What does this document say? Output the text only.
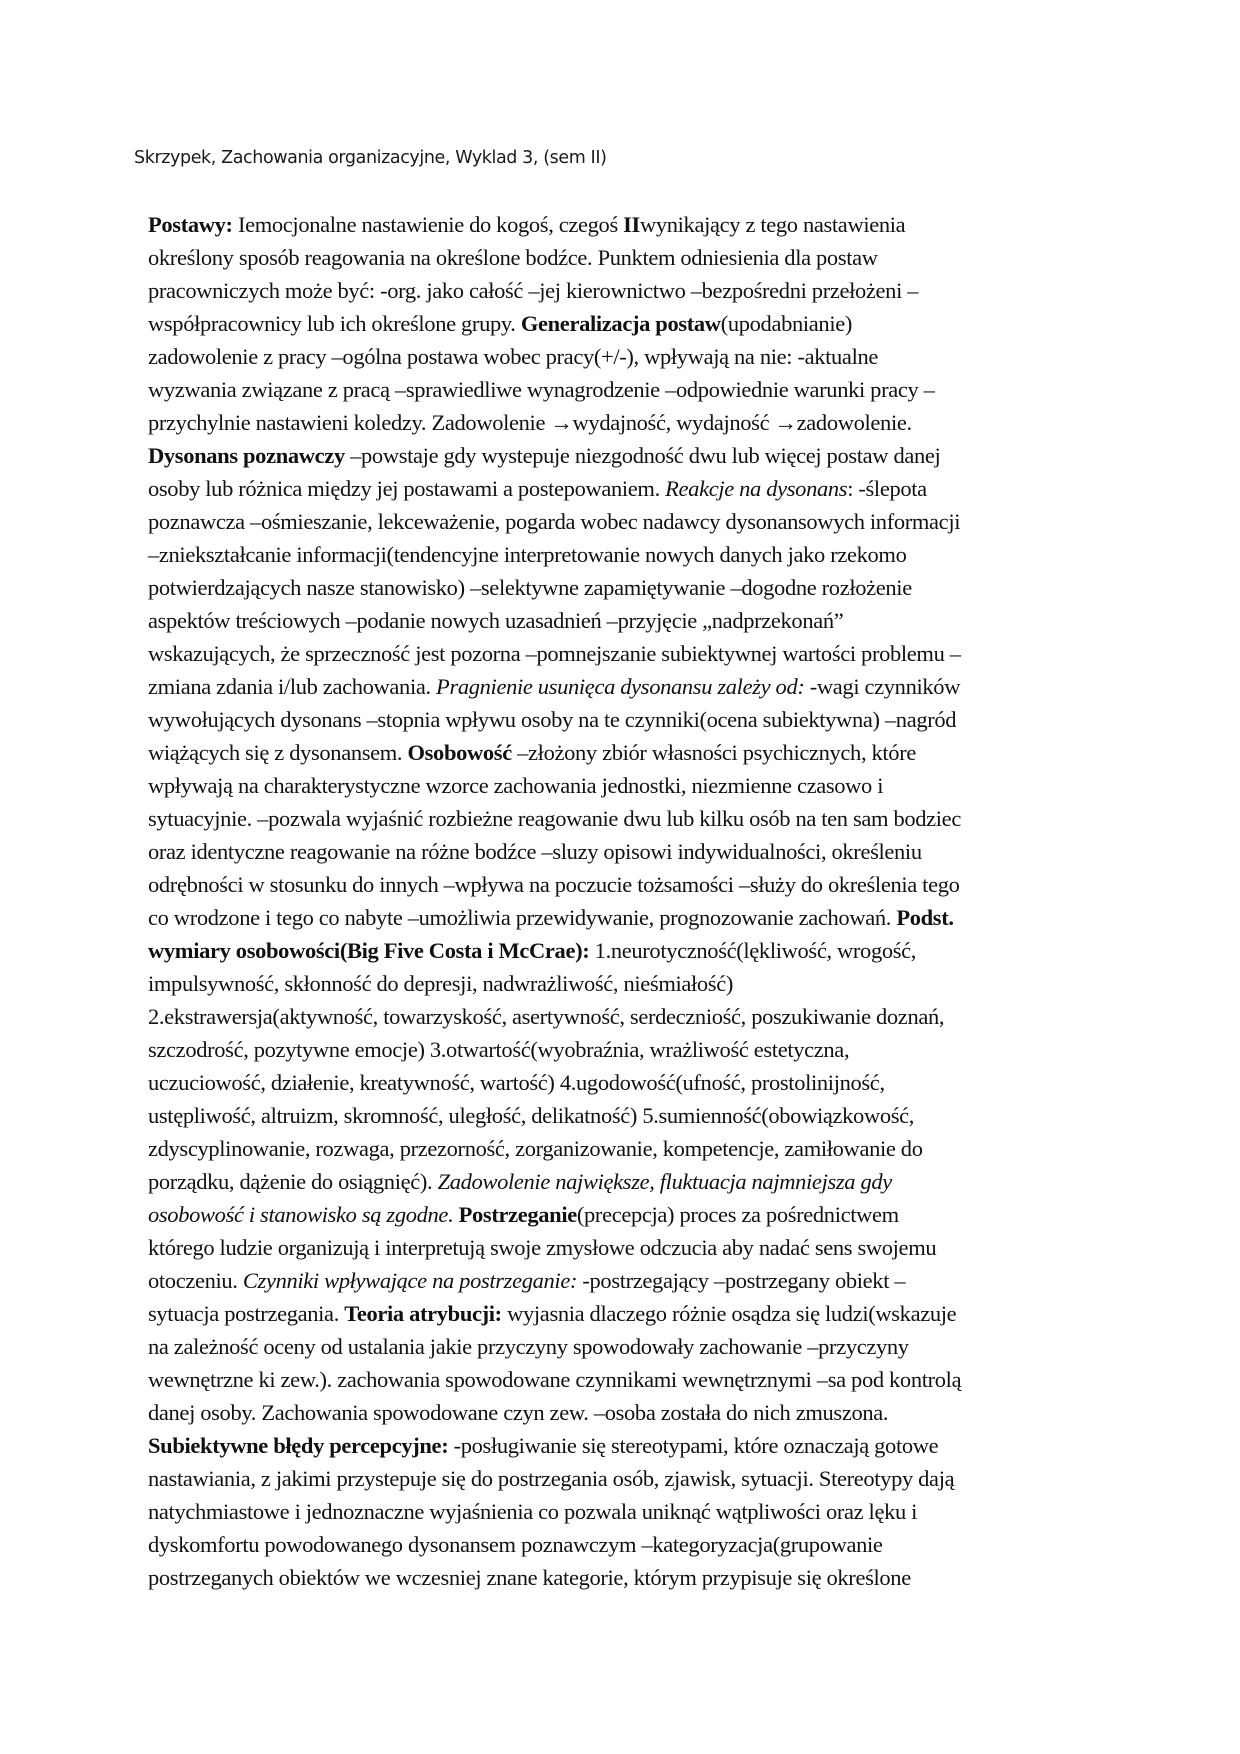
Skrzypek, Zachowania organizacyjne, Wyklad 3, (sem II)
Postawy: Iemocjonalne nastawienie do kogoś, czegoś IIwynikający z tego nastawienia
określony sposób reagowania na określone bodźce. Punktem odniesienia dla postaw
pracowniczych może być: -org. jako całość –jej kierownictwo –bezpośredni przełożeni –
współpracownicy lub ich określone grupy. Generalizacja postaw(upodabnianie)
zadowolenie z pracy –ogólna postawa wobec pracy(+/-), wpływają na nie: -aktualne
wyzwania związane z pracą –sprawiedliwe wynagrodzenie –odpowiednie warunki pracy –
przychylnie nastawieni koledzy. Zadowolenie →wydajność, wydajność →zadowolenie.
Dysonans poznawczy –powstaje gdy wystepuje niezgodność dwu lub więcej postaw danej
osoby lub różnica między jej postawami a postepowaniem. Reakcje na dysonans: -ślepota
poznawcza –ośmieszanie, lekceważenie, pogarda wobec nadawcy dysonansowych informacji
–zniekształcanie informacji(tendencyjne interpretowanie nowych danych jako rzekomo
potwierdzających nasze stanowisko) –selektywne zapamiętywanie –dogodne rozłożenie
aspektów treściowych –podanie nowych uzasadnień –przyjęcie „nadprzekonań”
wskazujących, że sprzeczność jest pozorna –pomnejszanie subiektywnej wartości problemu –
zmiana zdania i/lub zachowania. Pragnienie usunięca dysonansu zależy od: -wagi czynników
wywołujących dysonans –stopnia wpływu osoby na te czynniki(ocena subiektywna) –nagród
wiążących się z dysonansem. Osobowość –złożony zbiór własności psychicznych, które
wpływają na charakterystyczne wzorce zachowania jednostki, niezmienne czasowo i
sytuacyjnie. –pozwala wyjaśnić rozbieżne reagowanie dwu lub kilku osób na ten sam bodziec
oraz identyczne reagowanie na różne bodźce –sluzy opisowi indywidualności, określeniu
odrębności w stosunku do innych –wpływa na poczucie tożsamości –służy do określenia tego
co wrodzone i tego co nabyte –umożliwia przewidywanie, prognozowanie zachowań. Podst.
wymiary osobowości(Big Five Costa i McCrae): 1.neurotyczność(lękliwość, wrogość,
impulsywność, skłonność do depresji, nadwrażliwość, nieśmiałość)
2.ekstrawersja(aktywność, towarzyskość, asertywność, serdeczniość, poszukiwanie doznań,
szczodrość, pozytywne emocje) 3.otwartość(wyobraźnia, wrażliwość estetyczna,
uczuciowość, działenie, kreatywność, wartość) 4.ugodowość(ufność, prostolinijność,
ustępliwość, altruizm, skromność, uległość, delikatność) 5.sumienność(obowiązkowość,
zdyscyplinowanie, rozwaga, przezorność, zorganizowanie, kompetencje, zamiłowanie do
porządku, dążenie do osiągnięć). Zadowolenie największe, fluktuacja najmniejsza gdy
osobowość i stanowisko są zgodne. Postrzeganie(precepcja) proces za pośrednictwem
którego ludzie organizują i interpretują swoje zmysłowe odczucia aby nadać sens swojemu
otoczeniu. Czynniki wpływające na postrzeganie: -postrzegający –postrzegany obiekt –
sytuacja postrzegania. Teoria atrybucji: wyjasnia dlaczego różnie osądza się ludzi(wskazuje
na zależność oceny od ustalania jakie przyczyny spowodowały zachowanie –przyczyny
wewnętrzne ki zew.). zachowania spowodowane czynnikami wewnętrznymi –sa pod kontrolą
danej osoby. Zachowania spowodowane czyn zew. –osoba została do nich zmuszona.
Subiektywne błędy percepcyjne: -posługiwanie się stereotypami, które oznaczają gotowe
nastawiania, z jakimi przystepuje się do postrzegania osób, zjawisk, sytuacji. Stereotypy dają
natychmiastowe i jednoznaczne wyjaśnienia co pozwala uniknąć wątpliwości oraz lęku i
dyskomfortu powodowanego dysonansem poznawczym –kategoryzacja(grupowanie
postrzeganych obiektów we wczesniej znane kategorie, którym przypisuje się określone
